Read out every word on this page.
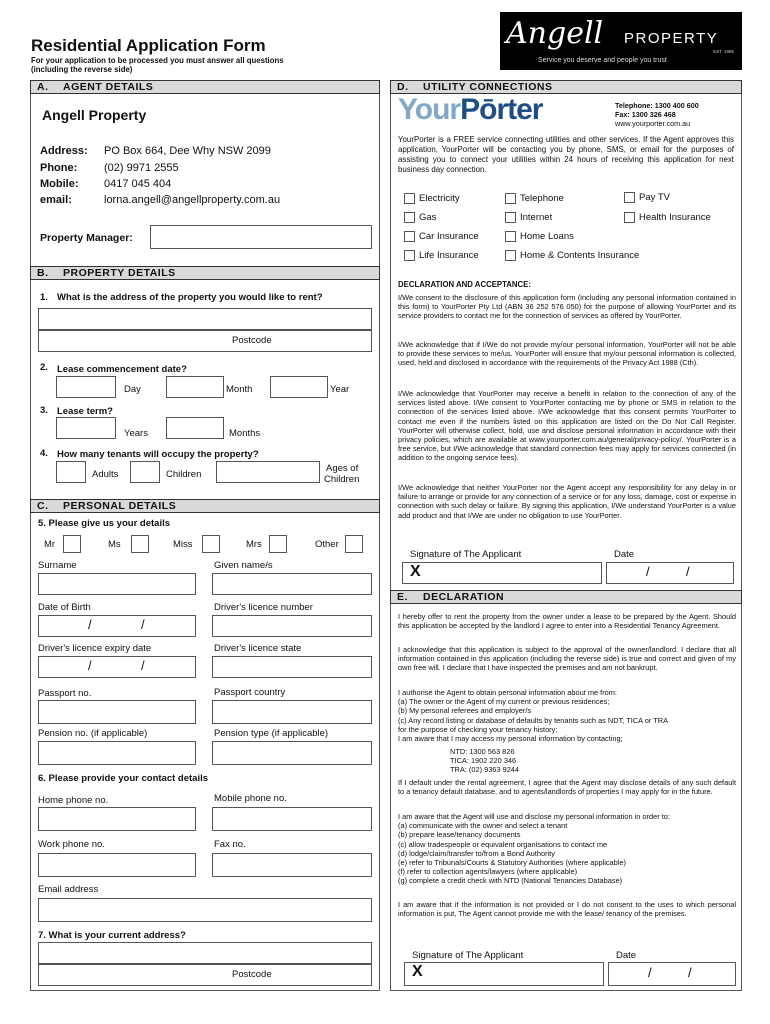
Residential Application Form
For your application to be processed you must answer all questions
(including the reverse side)
Angell PROPERTY
EST. 1985
Service you deserve and people you trust
A. AGENT DETAILS
Angell Property
Address: PO Box 664, Dee Why NSW 2099
Phone: (02) 9971 2555
Mobile: 0417 045 404
email:	lorna.angell@angellproperty.com.au
Property Manager:
B. PROPERTY DETAILS
1. What is the address of the property you would like to rent?
Postcode
2. Lease commencement date?
Day	Month	Year
3. Lease term?
Years	Months
4. How many tenants will occupy the property?
Adults	Children
Ages of
Children
C. PERSONAL DETAILS
5. Please give us your details
Mr	Ms	Miss	Mrs	Other
Surname	Given name/s
Date of Birth	Driver's licence number
/	/
Driver's licence expiry date	Driver's licence state
/	/
Passport no.	Passport country
Pension no. (if applicable)	Pension type (if applicable)
6. Please provide your contact details
Home phone no.	Mobile phone no.
Work phone no.	Fax no.
Email address
7. What is your current address?
Postcode
D. UTILITY CONNECTIONS
YourPōrter	Telephone: 1300 400 600
Fax: 1300 326 468
www.yourporter.com.au
YourPorter is a FREE service connecting utilities and other services. If the Agent approves this application, YourPorter will be contacting you by phone, SMS, or email for the purposes of assisting you to connect your utilities within 24 hours of receiving this application for next business day connection.
Electricity	Telephone	Pay TV
Gas	Internet	Health Insurance
Car Insurance	Home Loans
Life Insurance	Home & Contents Insurance
DECLARATION AND ACCEPTANCE:
I/We consent to the disclosure of this application form (including any personal information contained in this form) to YourPorter Pty Ltd (ABN 36 252 576 050) for the purpose of allowing YourPorter and its service providers to contact me for the connection of services as offered by YourPorter.
I/We acknowledge that if I/We do not provide my/our personal information, YourPorter will not be able to provide these services to me/us. YourPorter will ensure that my/our personal information is collected, used, held and disclosed in accordance with the requirements of the Privacy Act 1988 (Cth).
I/We acknowledge that YourPorter may receive a benefit in relation to the connection of any of the services listed above. I/We consent to YourPorter contacting me by phone or SMS in relation to the connection of the services listed above. I/We acknowledge that this consent permits YourPorter to contact me even if the numbers listed on this application are listed on the Do Not Call Register. YourPorter will otherwise collect, hold, use and disclose personal information in accordance with their privacy policies, which are available at www.yourporter.com.au/general/privacy-policy/. YourPorter is a free service, but I/We acknowledge that standard connection fees may apply for services connected (in addition to the ongoing service fees).
I/We acknowledge that neither YourPorter nor the Agent accept any responsibility for any delay in or failure to arrange or provide for any connection of a service or for any loss, damage, cost or expense in connection with such delay or failure. By signing this application, I/We understand YourPorter is a value add product and that I/We are under no obligation to use YourPorter.
Signature of The Applicant	Date
X	/	/
E. DECLARATION
I hereby offer to rent the property from the owner under a lease to be prepared by the Agent. Should this application be accepted by the landlord I agree to enter into a Residential Tenancy Agreement.
I acknowledge that this application is subject to the approval of the owner/landlord. I declare that all information contained in this application (including the reverse side) is true and correct and given of my own free will. I declare that I have inspected the premises and am not bankrupt.
I authorise the Agent to obtain personal information about me from:
(a) The owner or the Agent of my current or previous residences;
(b) My personal referees and employer/s
(c) Any record listing or database of defaults by tenants such as NDT, TICA or TRA
for the purpose of checking your tenancy history;
I am aware that I may access my personal information by contacting;
NTD: 1300 563 826
TICA: 1902 220 346
TRA: (02) 9363 9244
If I default under the rental agreement, I agree that the Agent may disclose details of any such default to a tenancy default database, and to agents/landlords of properties I may apply for in the future.
I am aware that the Agent will use and disclose my personal information in order to:
(a) communicate with the owner and select a tenant
(b) prepare lease/tenancy documents
(c) allow tradespeople or equivalent organisations to contact me
(d) lodge/claim/transfer to/from a Bond Authority
(e) refer to Tribunals/Courts & Statutory Authorities (where applicable)
(f) refer to collection agents/lawyers (where applicable)
(g) complete a credit check with NTD (National Tenancies Database)
I am aware that if the information is not provided or I do not consent to the uses to which personal information is put, The Agent cannot provide me with the lease/ tenancy of the premises.
Signature of The Applicant	Date
X	/	/
